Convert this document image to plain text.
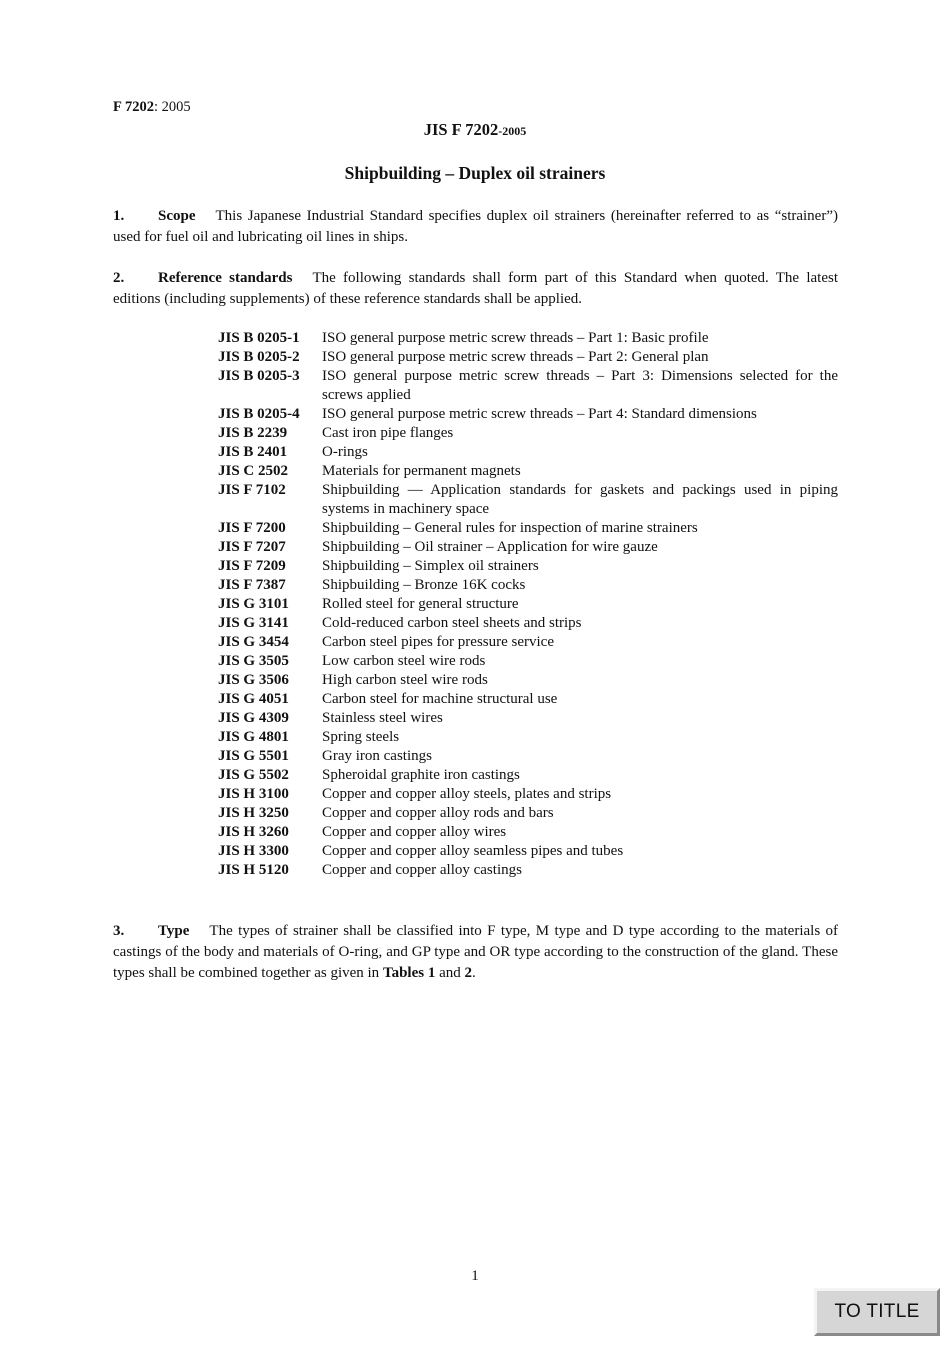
F 7202: 2005
JIS F 7202-2005
Shipbuilding – Duplex oil strainers
1. Scope This Japanese Industrial Standard specifies duplex oil strainers (hereinafter referred to as “strainer”) used for fuel oil and lubricating oil lines in ships.
2. Reference standards The following standards shall form part of this Standard when quoted. The latest editions (including supplements) of these reference standards shall be applied.
JIS B 0205-1	ISO general purpose metric screw threads – Part 1: Basic profile
JIS B 0205-2	ISO general purpose metric screw threads – Part 2: General plan
JIS B 0205-3	ISO general purpose metric screw threads – Part 3: Dimensions selected for the screws applied
JIS B 0205-4	ISO general purpose metric screw threads – Part 4: Standard dimensions
JIS B 2239	Cast iron pipe flanges
JIS B 2401	O-rings
JIS C 2502	Materials for permanent magnets
JIS F 7102	Shipbuilding — Application standards for gaskets and packings used in piping systems in machinery space
JIS F 7200	Shipbuilding – General rules for inspection of marine strainers
JIS F 7207	Shipbuilding – Oil strainer – Application for wire gauze
JIS F 7209	Shipbuilding – Simplex oil strainers
JIS F 7387	Shipbuilding – Bronze 16K cocks
JIS G 3101	Rolled steel for general structure
JIS G 3141	Cold-reduced carbon steel sheets and strips
JIS G 3454	Carbon steel pipes for pressure service
JIS G 3505	Low carbon steel wire rods
JIS G 3506	High carbon steel wire rods
JIS G 4051	Carbon steel for machine structural use
JIS G 4309	Stainless steel wires
JIS G 4801	Spring steels
JIS G 5501	Gray iron castings
JIS G 5502	Spheroidal graphite iron castings
JIS H 3100	Copper and copper alloy steels, plates and strips
JIS H 3250	Copper and copper alloy rods and bars
JIS H 3260	Copper and copper alloy wires
JIS H 3300	Copper and copper alloy seamless pipes and tubes
JIS H 5120	Copper and copper alloy castings
3. Type The types of strainer shall be classified into F type, M type and D type according to the materials of castings of the body and materials of O-ring, and GP type and OR type according to the construction of the gland. These types shall be combined together as given in Tables 1 and 2.
1
TO TITLE
